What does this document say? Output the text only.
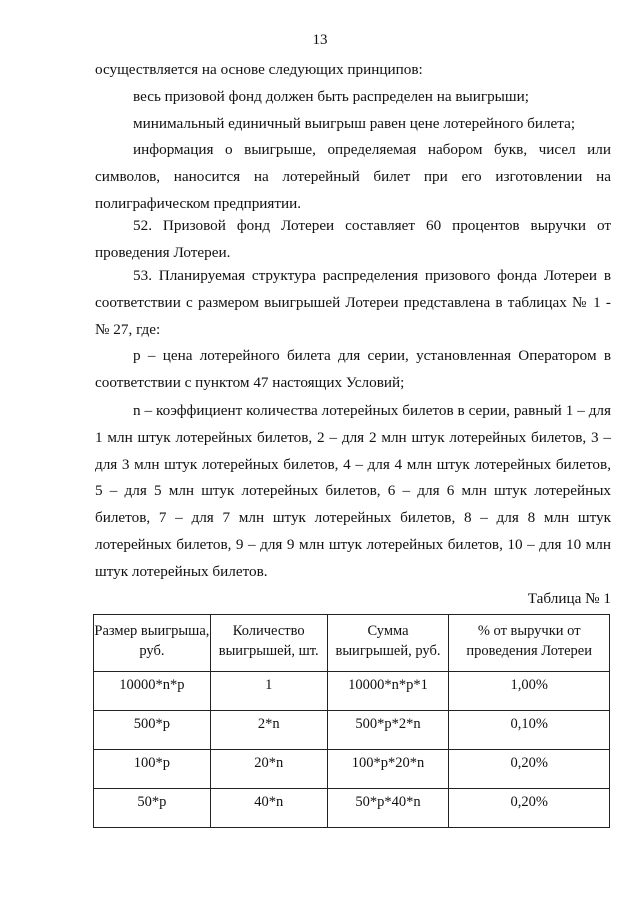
13

осуществляется на основе следующих принципов:

весь призовой фонд должен быть распределен на выигрыши;

минимальный единичный выигрыш равен цене лотерейного билета;

информация о выигрыше, определяемая набором букв, чисел или символов, наносится на лотерейный билет при его изготовлении на полиграфическом предприятии.

52. Призовой фонд Лотереи составляет 60 процентов выручки от проведения Лотереи.

53. Планируемая структура распределения призового фонда Лотереи в соответствии с размером выигрышей Лотереи представлена в таблицах № 1 - № 27, где:

p – цена лотерейного билета для серии, установленная Оператором в соответствии с пунктом 47 настоящих Условий;

n – коэффициент количества лотерейных билетов в серии, равный 1 – для 1 млн штук лотерейных билетов, 2 – для 2 млн штук лотерейных билетов, 3 – для 3 млн штук лотерейных билетов, 4 – для 4 млн штук лотерейных билетов, 5 – для 5 млн штук лотерейных билетов, 6 – для 6 млн штук лотерейных билетов, 7 – для 7 млн штук лотерейных билетов, 8 – для 8 млн штук лотерейных билетов, 9 – для 9 млн штук лотерейных билетов, 10 – для 10 млн штук лотерейных билетов.

Таблица № 1
Размер выигрыша, руб.	Количество выигрышей, шт.	Сумма выигрышей, руб.	% от выручки от проведения Лотереи
10000*n*p	1	10000*n*p*1	1,00%
500*p	2*n	500*p*2*n	0,10%
100*p	20*n	100*p*20*n	0,20%
50*p	40*n	50*p*40*n	0,20%
